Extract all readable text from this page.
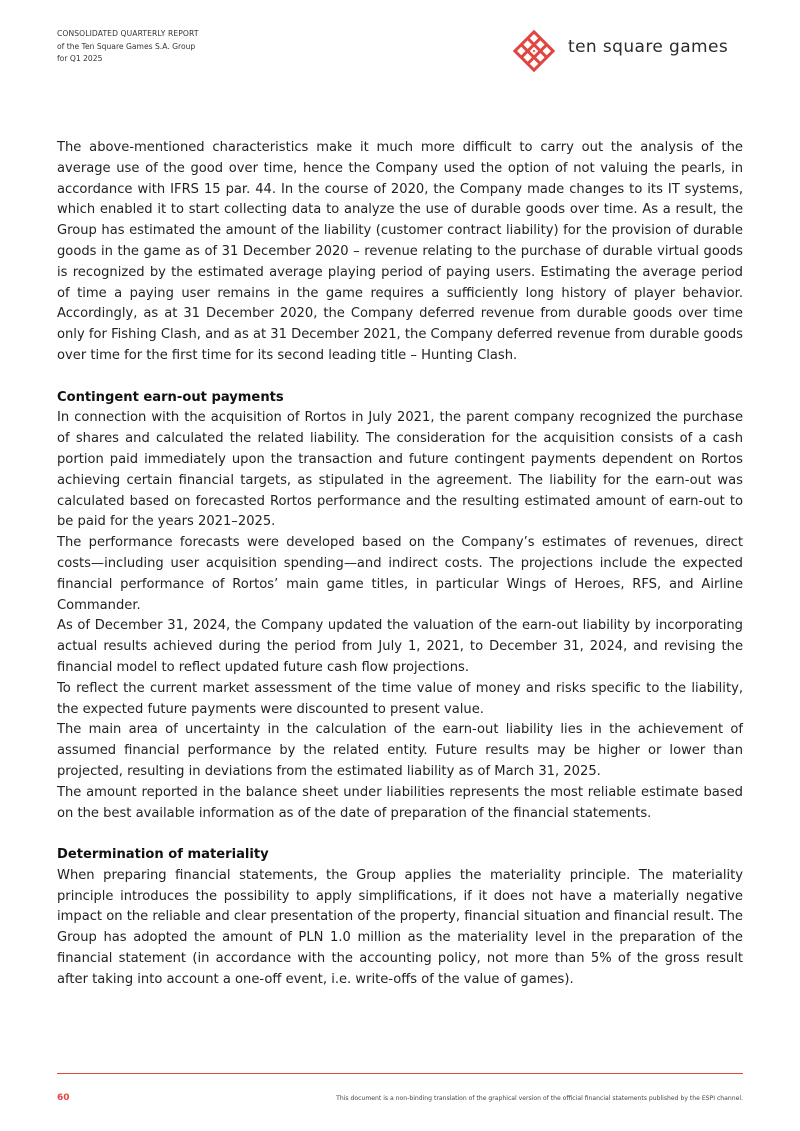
CONSOLIDATED QUARTERLY REPORT
of the Ten Square Games S.A. Group
for Q1 2025
ten square games

The above-mentioned characteristics make it much more difficult to carry out the analysis of the average use of the good over time, hence the Company used the option of not valuing the pearls, in accordance with IFRS 15 par. 44. In the course of 2020, the Company made changes to its IT systems, which enabled it to start collecting data to analyze the use of durable goods over time. As a result, the Group has estimated the amount of the liability (customer contract liability) for the provision of durable goods in the game as of 31 December 2020 – revenue relating to the purchase of durable virtual goods is recognized by the estimated average playing period of paying users. Estimating the average period of time a paying user remains in the game requires a sufficiently long history of player behavior. Accordingly, as at 31 December 2020, the Company deferred revenue from durable goods over time only for Fishing Clash, and as at 31 December 2021, the Company deferred revenue from durable goods over time for the first time for its second leading title – Hunting Clash.

Contingent earn-out payments

In connection with the acquisition of Rortos in July 2021, the parent company recognized the purchase of shares and calculated the related liability. The consideration for the acquisition consists of a cash portion paid immediately upon the transaction and future contingent payments dependent on Rortos achieving certain financial targets, as stipulated in the agreement. The liability for the earn-out was calculated based on forecasted Rortos performance and the resulting estimated amount of earn-out to be paid for the years 2021–2025.

The performance forecasts were developed based on the Company’s estimates of revenues, direct costs—including user acquisition spending—and indirect costs. The projections include the expected financial performance of Rortos’ main game titles, in particular Wings of Heroes, RFS, and Airline Commander.

As of December 31, 2024, the Company updated the valuation of the earn-out liability by incorporating actual results achieved during the period from July 1, 2021, to December 31, 2024, and revising the financial model to reflect updated future cash flow projections.

To reflect the current market assessment of the time value of money and risks specific to the liability, the expected future payments were discounted to present value.

The main area of uncertainty in the calculation of the earn-out liability lies in the achievement of assumed financial performance by the related entity. Future results may be higher or lower than projected, resulting in deviations from the estimated liability as of March 31, 2025.

The amount reported in the balance sheet under liabilities represents the most reliable estimate based on the best available information as of the date of preparation of the financial statements.

Determination of materiality

When preparing financial statements, the Group applies the materiality principle. The materiality principle introduces the possibility to apply simplifications, if it does not have a materially negative impact on the reliable and clear presentation of the property, financial situation and financial result. The Group has adopted the amount of PLN 1.0 million as the materiality level in the preparation of the financial statement (in accordance with the accounting policy, not more than 5% of the gross result after taking into account a one-off event, i.e. write-offs of the value of games).

60	This document is a non-binding translation of the graphical version of the official financial statements published by the ESPI channel.
